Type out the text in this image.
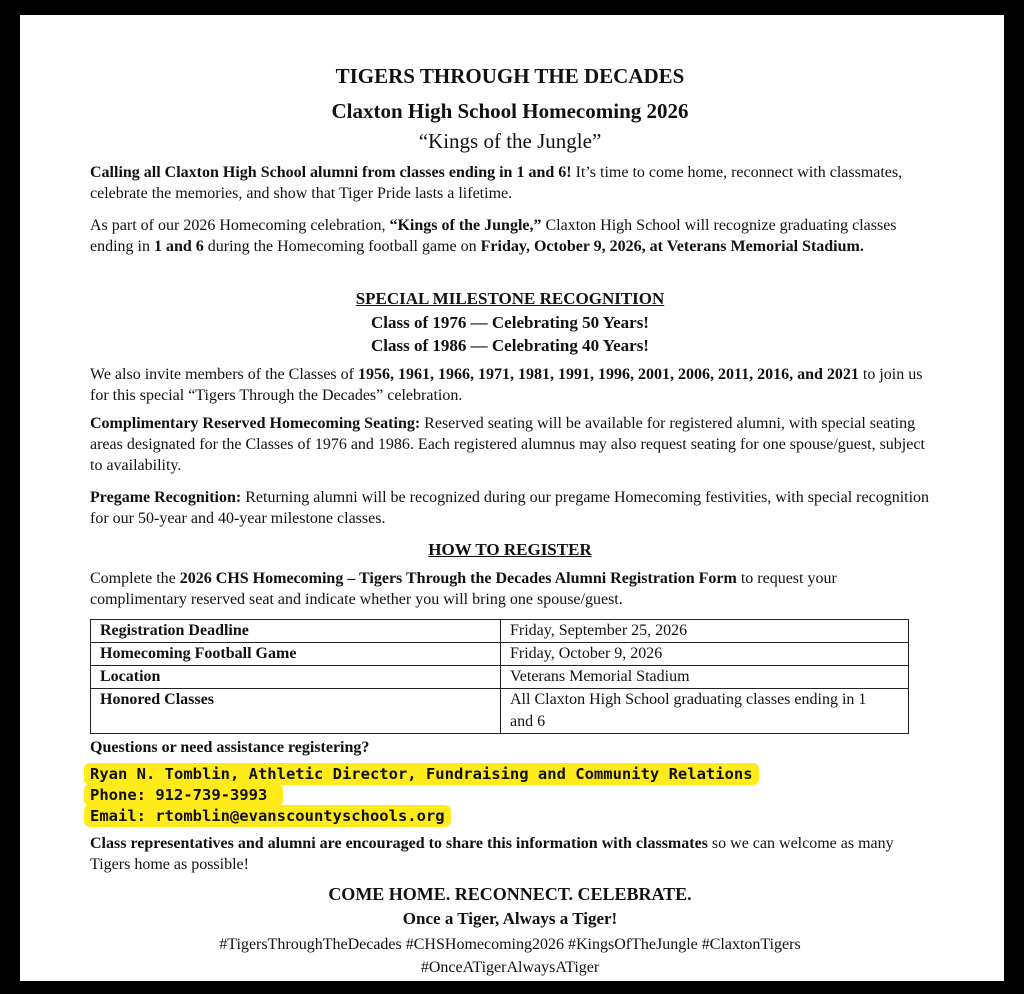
TIGERS THROUGH THE DECADES
Claxton High School Homecoming 2026
“Kings of the Jungle”
Calling all Claxton High School alumni from classes ending in 1 and 6! It’s time to come home, reconnect with classmates, celebrate the memories, and show that Tiger Pride lasts a lifetime.
As part of our 2026 Homecoming celebration, “Kings of the Jungle,” Claxton High School will recognize graduating classes ending in 1 and 6 during the Homecoming football game on Friday, October 9, 2026, at Veterans Memorial Stadium.
SPECIAL MILESTONE RECOGNITION
Class of 1976 — Celebrating 50 Years!
Class of 1986 — Celebrating 40 Years!
We also invite members of the Classes of 1956, 1961, 1966, 1971, 1981, 1991, 1996, 2001, 2006, 2011, 2016, and 2021 to join us for this special “Tigers Through the Decades” celebration.
Complimentary Reserved Homecoming Seating: Reserved seating will be available for registered alumni, with special seating areas designated for the Classes of 1976 and 1986. Each registered alumnus may also request seating for one spouse/guest, subject to availability.
Pregame Recognition: Returning alumni will be recognized during our pregame Homecoming festivities, with special recognition for our 50-year and 40-year milestone classes.
HOW TO REGISTER
Complete the 2026 CHS Homecoming – Tigers Through the Decades Alumni Registration Form to request your complimentary reserved seat and indicate whether you will bring one spouse/guest.
Registration Deadline	Friday, September 25, 2026
Homecoming Football Game	Friday, October 9, 2026
Location	Veterans Memorial Stadium
Honored Classes	All Claxton High School graduating classes ending in 1 and 6
Questions or need assistance registering?
Ryan N. Tomblin, Athletic Director, Fundraising and Community Relations
Phone: 912-739-3993
Email: rtomblin@evanscountyschools.org
Class representatives and alumni are encouraged to share this information with classmates so we can welcome as many Tigers home as possible!
COME HOME. RECONNECT. CELEBRATE.
Once a Tiger, Always a Tiger!
#TigersThroughTheDecades #CHSHomecoming2026 #KingsOfTheJungle #ClaxtonTigers
#OnceATigerAlwaysATiger
